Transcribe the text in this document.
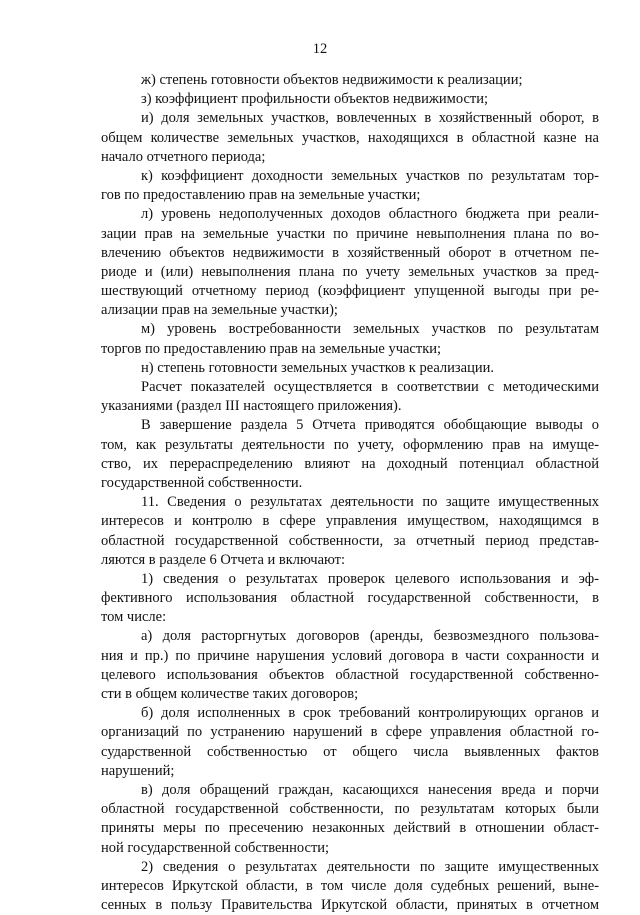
12
ж) степень готовности объектов недвижимости к реализации;
з) коэффициент профильности объектов недвижимости;
и) доля земельных участков, вовлеченных в хозяйственный оборот, в
общем количестве земельных участков, находящихся в областной казне на
начало отчетного периода;
к) коэффициент доходности земельных участков по результатам тор-
гов по предоставлению прав на земельные участки;
л) уровень недополученных доходов областного бюджета при реали-
зации прав на земельные участки по причине невыполнения плана по во-
влечению объектов недвижимости в хозяйственный оборот в отчетном пе-
риоде и (или) невыполнения плана по учету земельных участков за пред-
шествующий отчетному период (коэффициент упущенной выгоды при ре-
ализации прав на земельные участки);
м) уровень востребованности земельных участков по результатам
торгов по предоставлению прав на земельные участки;
н) степень готовности земельных участков к реализации.
Расчет показателей осуществляется в соответствии с методическими
указаниями (раздел III настоящего приложения).
В завершение раздела 5 Отчета приводятся обобщающие выводы о
том, как результаты деятельности по учету, оформлению прав на имуще-
ство, их перераспределению влияют на доходный потенциал областной
государственной собственности.
11. Сведения о результатах деятельности по защите имущественных
интересов и контролю в сфере управления имуществом, находящимся в
областной государственной собственности, за отчетный период представ-
ляются в разделе 6 Отчета и включают:
1) сведения о результатах проверок целевого использования и эф-
фективного использования областной государственной собственности, в
том числе:
а) доля расторгнутых договоров (аренды, безвозмездного пользова-
ния и пр.) по причине нарушения условий договора в части сохранности и
целевого использования объектов областной государственной собственно-
сти в общем количестве таких договоров;
б) доля исполненных в срок требований контролирующих органов и
организаций по устранению нарушений в сфере управления областной го-
сударственной собственностью от общего числа выявленных фактов
нарушений;
в) доля обращений граждан, касающихся нанесения вреда и порчи
областной государственной собственности, по результатам которых были
приняты меры по пресечению незаконных действий в отношении област-
ной государственной собственности;
2) сведения о результатах деятельности по защите имущественных
интересов Иркутской области, в том числе доля судебных решений, выне-
сенных в пользу Правительства Иркутской области, принятых в отчетном
